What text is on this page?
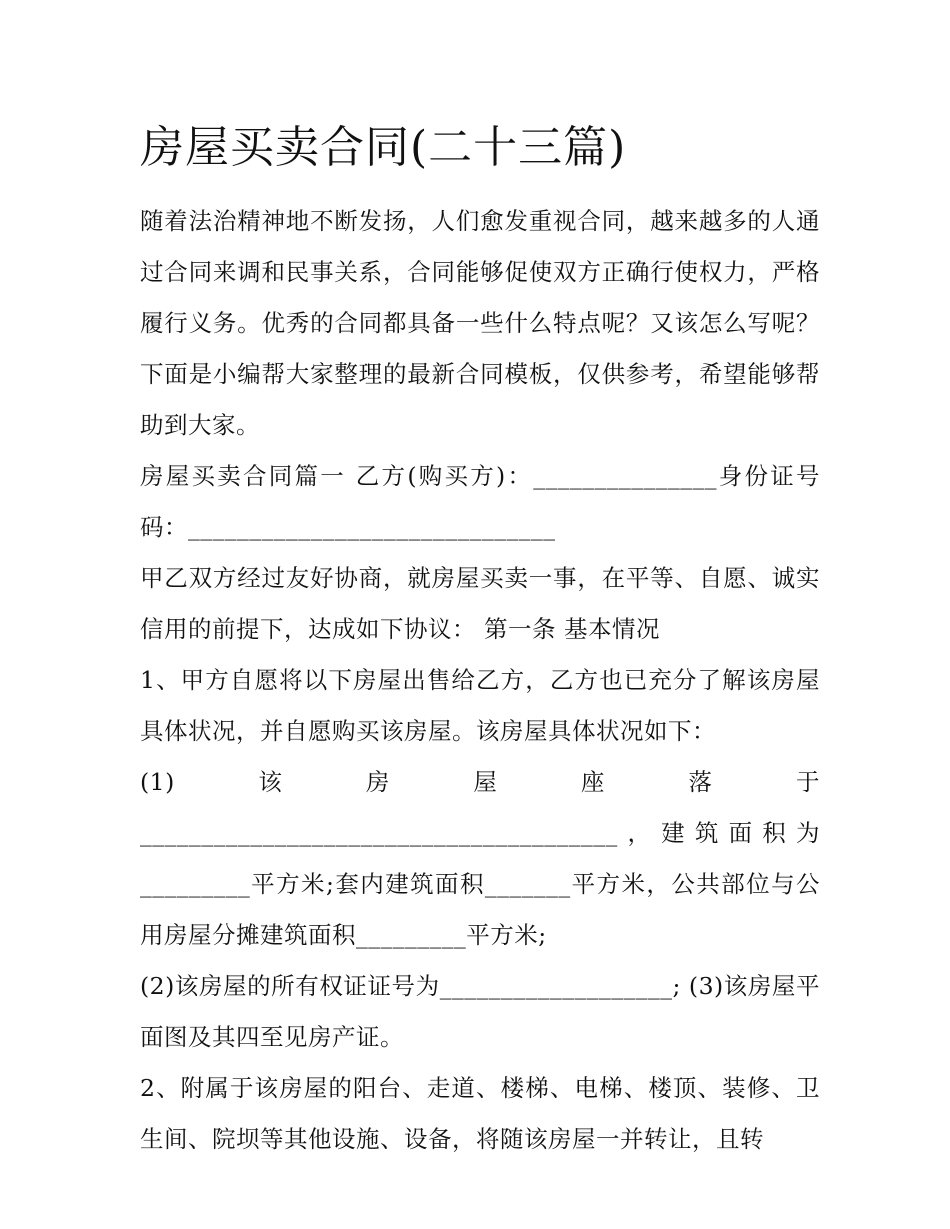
房屋买卖合同(二十三篇)

随着法治精神地不断发扬，人们愈发重视合同，越来越多的人通过合同来调和民事关系，合同能够促使双方正确行使权力，严格履行义务。优秀的合同都具备一些什么特点呢？又该怎么写呢？下面是小编帮大家整理的最新合同模板，仅供参考，希望能够帮助到大家。

房屋买卖合同篇一 乙方(购买方)：_______________身份证号码：______________________________

甲乙双方经过友好协商，就房屋买卖一事，在平等、自愿、诚实信用的前提下，达成如下协议： 第一条 基本情况

1、甲方自愿将以下房屋出售给乙方，乙方也已充分了解该房屋具体状况，并自愿购买该房屋。该房屋具体状况如下：

(1)该房屋座落于_______________________________________，建筑面积为_________平方米;套内建筑面积_______平方米，公共部位与公用房屋分摊建筑面积_________平方米;

(2)该房屋的所有权证证号为___________________; (3)该房屋平面图及其四至见房产证。

2、附属于该房屋的阳台、走道、楼梯、电梯、楼顶、装修、卫生间、院坝等其他设施、设备，将随该房屋一并转让，且转
